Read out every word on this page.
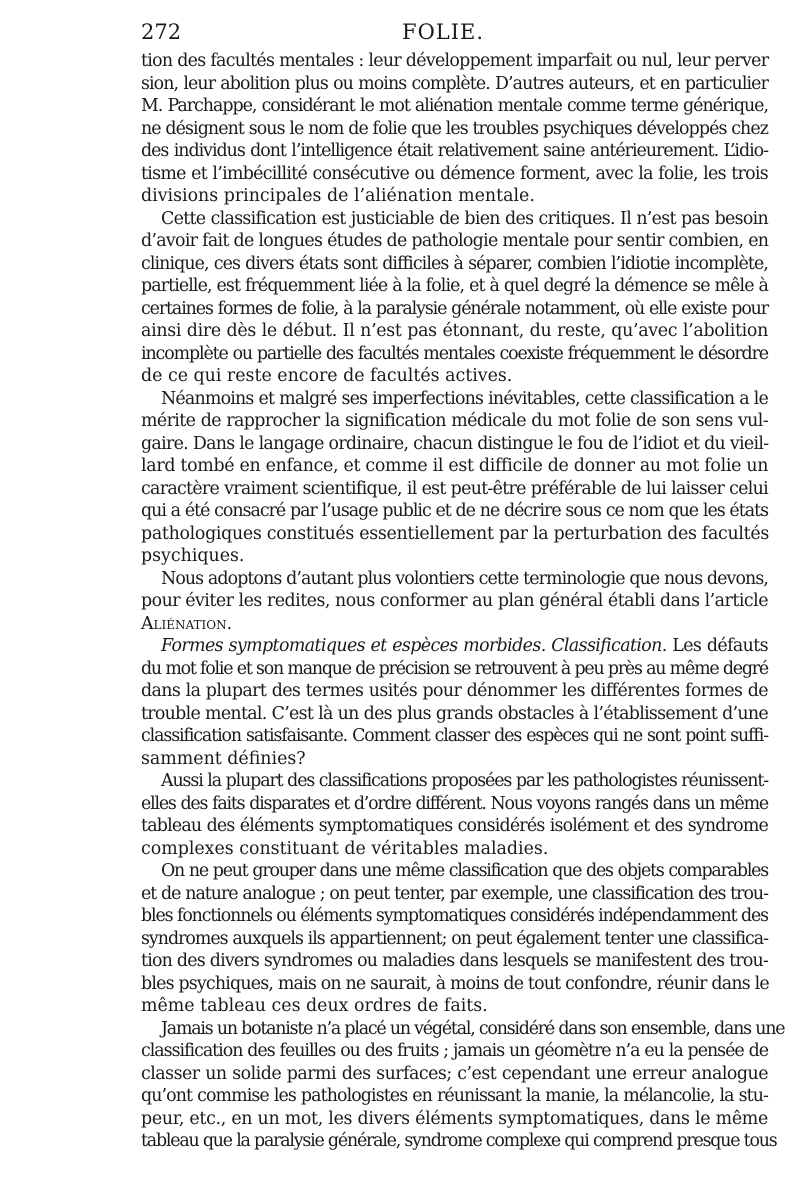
272	FOLIE.
tion des facultés mentales : leur développement imparfait ou nul, leur perver
sion, leur abolition plus ou moins complète. D’autres auteurs, et en particulier
M. Parchappe, considérant le mot aliénation mentale comme terme générique,
ne désignent sous le nom de folie que les troubles psychiques développés chez
des individus dont l’intelligence était relativement saine antérieurement. L’idio-
tisme et l’imbécillité consécutive ou démence forment, avec la folie, les trois
divisions principales de l’aliénation mentale.
Cette classification est justiciable de bien des critiques. Il n’est pas besoin
d’avoir fait de longues études de pathologie mentale pour sentir combien, en
clinique, ces divers états sont difficiles à séparer, combien l’idiotie incomplète,
partielle, est fréquemment liée à la folie, et à quel degré la démence se mêle à
certaines formes de folie, à la paralysie générale notamment, où elle existe pour
ainsi dire dès le début. Il n’est pas étonnant, du reste, qu’avec l’abolition
incomplète ou partielle des facultés mentales coexiste fréquemment le désordre
de ce qui reste encore de facultés actives.
Néanmoins et malgré ses imperfections inévitables, cette classification a le
mérite de rapprocher la signification médicale du mot folie de son sens vul-
gaire. Dans le langage ordinaire, chacun distingue le fou de l’idiot et du vieil-
lard tombé en enfance, et comme il est difficile de donner au mot folie un
caractère vraiment scientifique, il est peut-être préférable de lui laisser celui
qui a été consacré par l’usage public et de ne décrire sous ce nom que les états
pathologiques constitués essentiellement par la perturbation des facultés
psychiques.
Nous adoptons d’autant plus volontiers cette terminologie que nous devons,
pour éviter les redites, nous conformer au plan général établi dans l’article
Aliénation.
Formes symptomatiques et espèces morbides. Classification. Les défauts
du mot folie et son manque de précision se retrouvent à peu près au même degré
dans la plupart des termes usités pour dénommer les différentes formes de
trouble mental. C’est là un des plus grands obstacles à l’établissement d’une
classification satisfaisante. Comment classer des espèces qui ne sont point suffi-
samment définies?
Aussi la plupart des classifications proposées par les pathologistes réunissent-
elles des faits disparates et d’ordre différent. Nous voyons rangés dans un même
tableau des éléments symptomatiques considérés isolément et des syndrome
complexes constituant de véritables maladies.
On ne peut grouper dans une même classification que des objets comparables
et de nature analogue ; on peut tenter, par exemple, une classification des trou-
bles fonctionnels ou éléments symptomatiques considérés indépendamment des
syndromes auxquels ils appartiennent; on peut également tenter une classifica-
tion des divers syndromes ou maladies dans lesquels se manifestent des trou-
bles psychiques, mais on ne saurait, à moins de tout confondre, réunir dans le
même tableau ces deux ordres de faits.
Jamais un botaniste n’a placé un végétal, considéré dans son ensemble, dans une
classification des feuilles ou des fruits ; jamais un géomètre n’a eu la pensée de
classer un solide parmi des surfaces; c’est cependant une erreur analogue
qu’ont commise les pathologistes en réunissant la manie, la mélancolie, la stu-
peur, etc., en un mot, les divers éléments symptomatiques, dans le même
tableau que la paralysie générale, syndrome complexe qui comprend presque tous
